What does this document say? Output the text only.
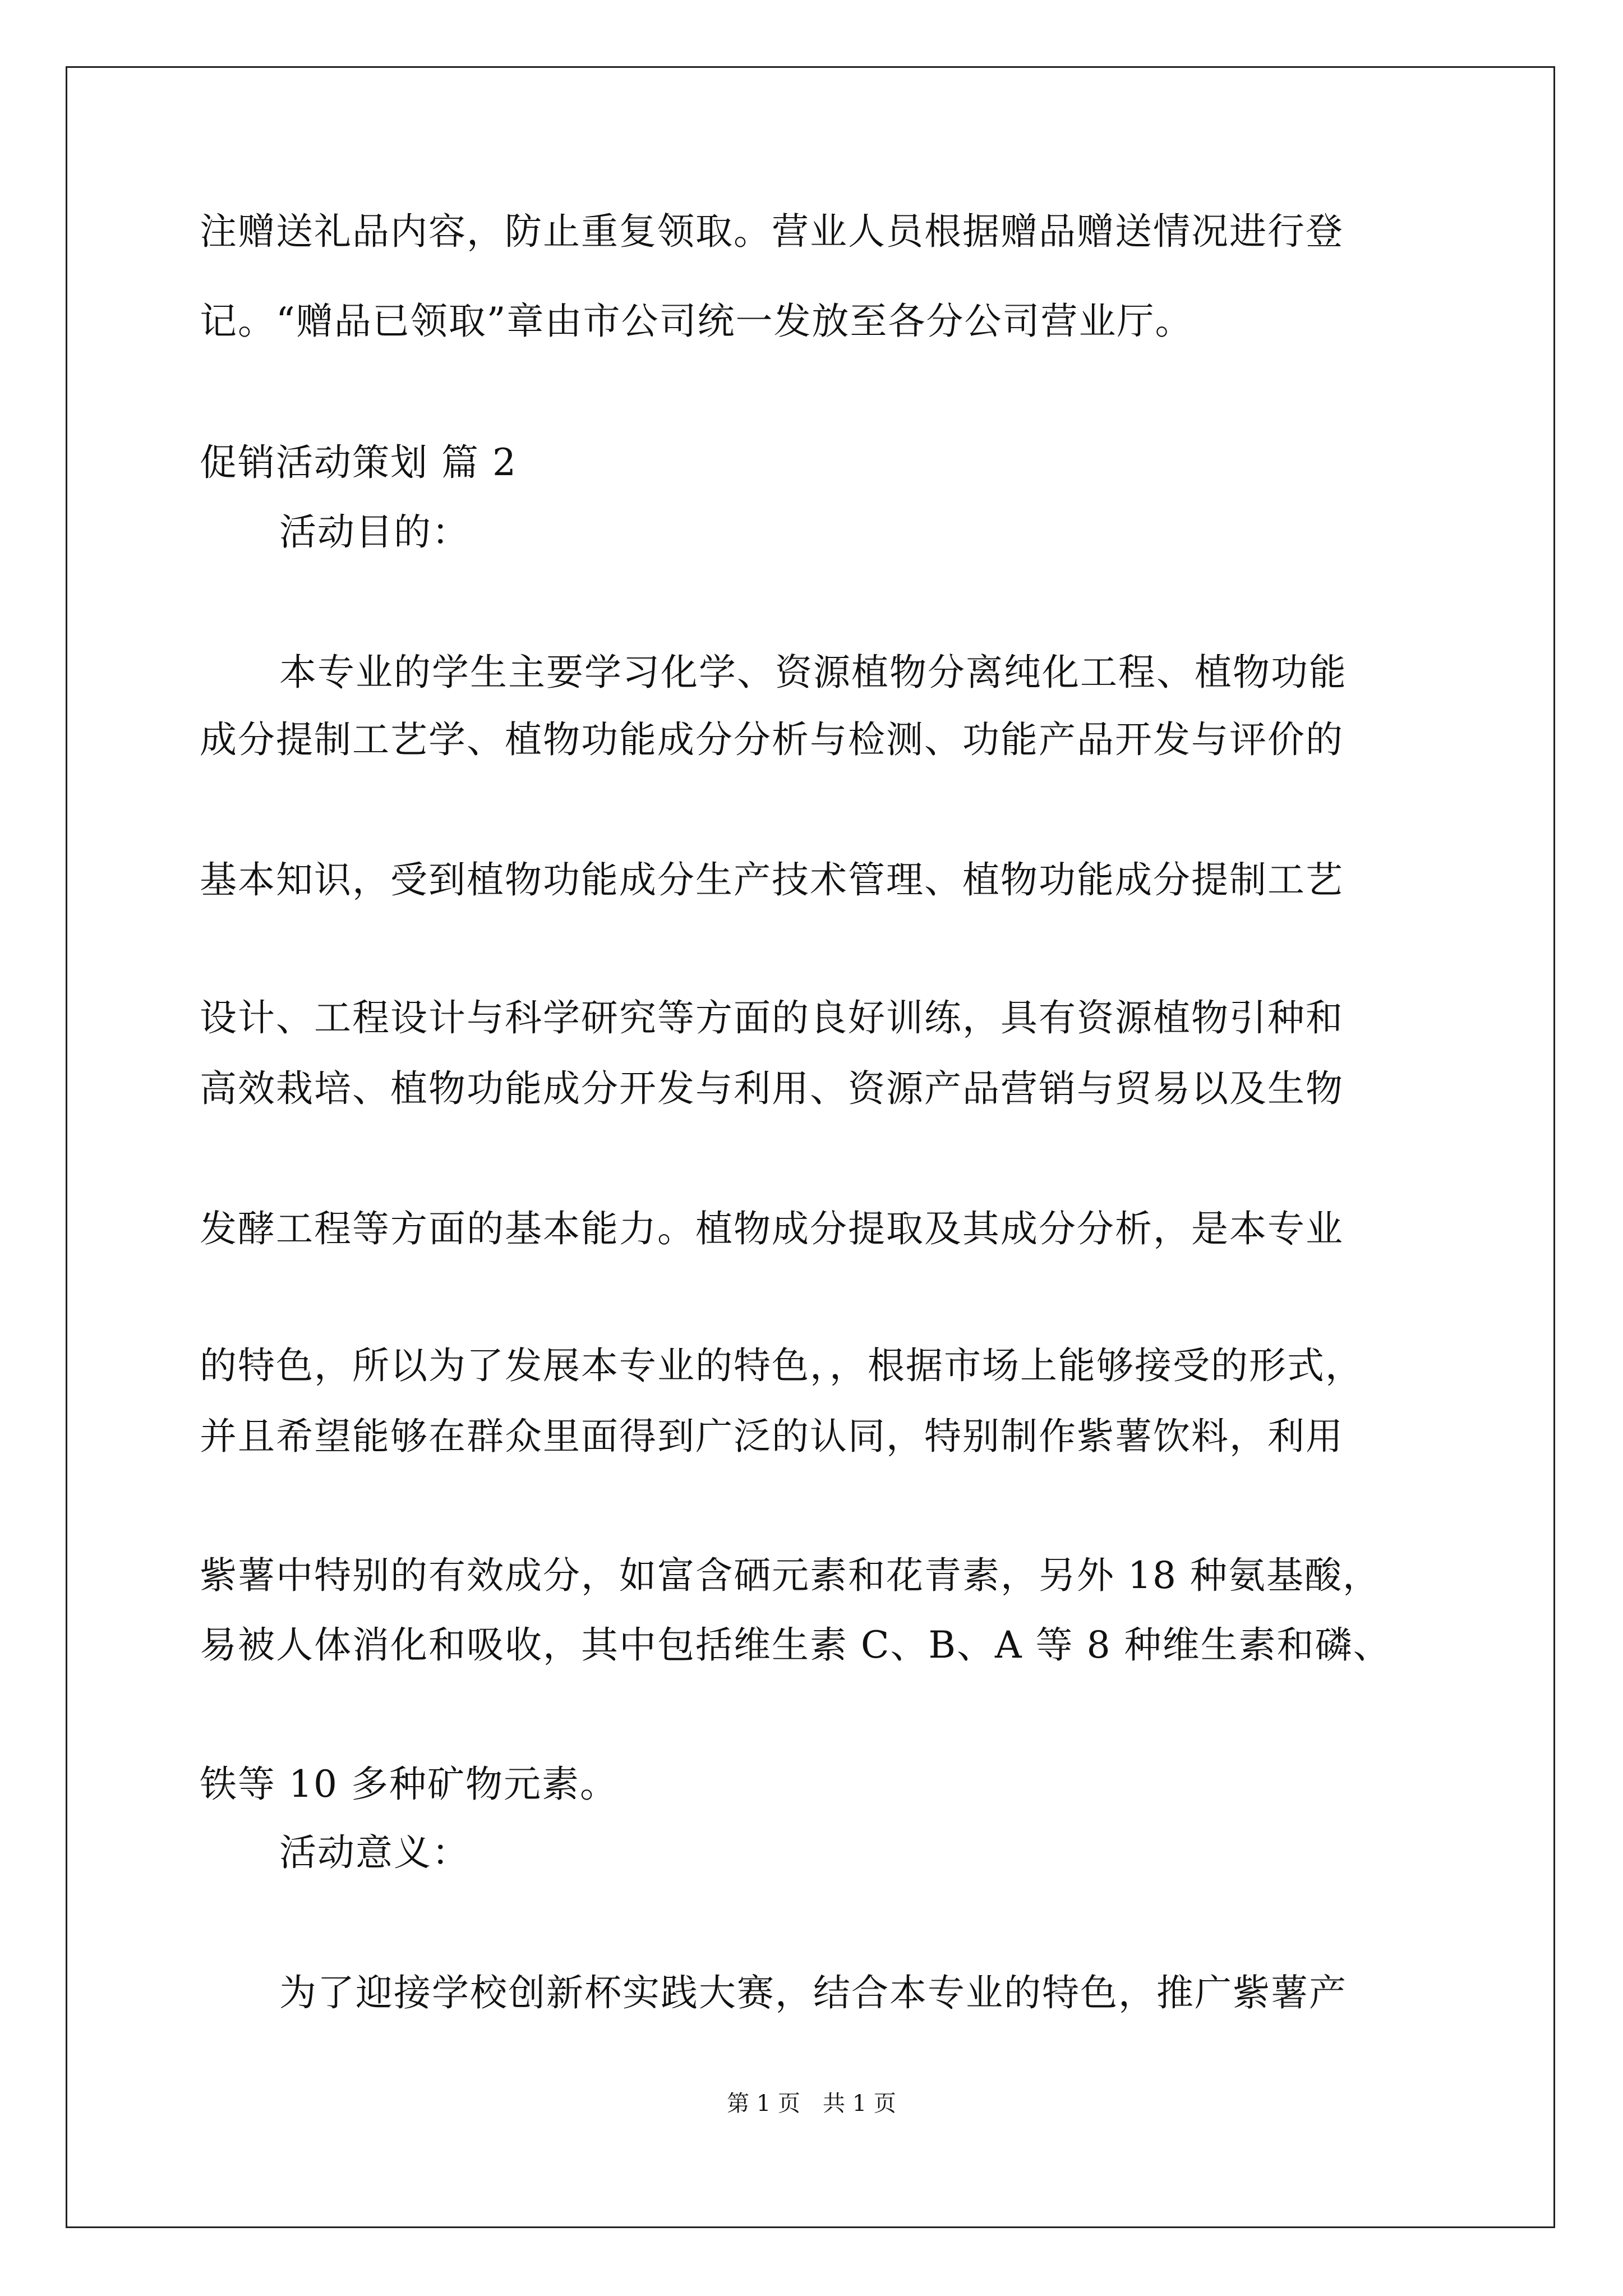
注赠送礼品内容，防止重复领取。营业人员根据赠品赠送情况进行登
记。“赠品已领取”章由市公司统一发放至各分公司营业厅。
促销活动策划 篇 2
活动目的：
本专业的学生主要学习化学、资源植物分离纯化工程、植物功能
成分提制工艺学、植物功能成分分析与检测、功能产品开发与评价的
基本知识，受到植物功能成分生产技术管理、植物功能成分提制工艺
设计、工程设计与科学研究等方面的良好训练，具有资源植物引种和
高效栽培、植物功能成分开发与利用、资源产品营销与贸易以及生物
发酵工程等方面的基本能力。植物成分提取及其成分分析，是本专业
的特色，所以为了发展本专业的特色，，根据市场上能够接受的形式，
并且希望能够在群众里面得到广泛的认同，特别制作紫薯饮料，利用
紫薯中特别的有效成分，如富含硒元素和花青素，另外 18 种氨基酸，
易被人体消化和吸收，其中包括维生素 C、B、A 等 8 种维生素和磷、
铁等 10 多种矿物元素。
活动意义：
为了迎接学校创新杯实践大赛，结合本专业的特色，推广紫薯产
第 1 页　共 1 页
